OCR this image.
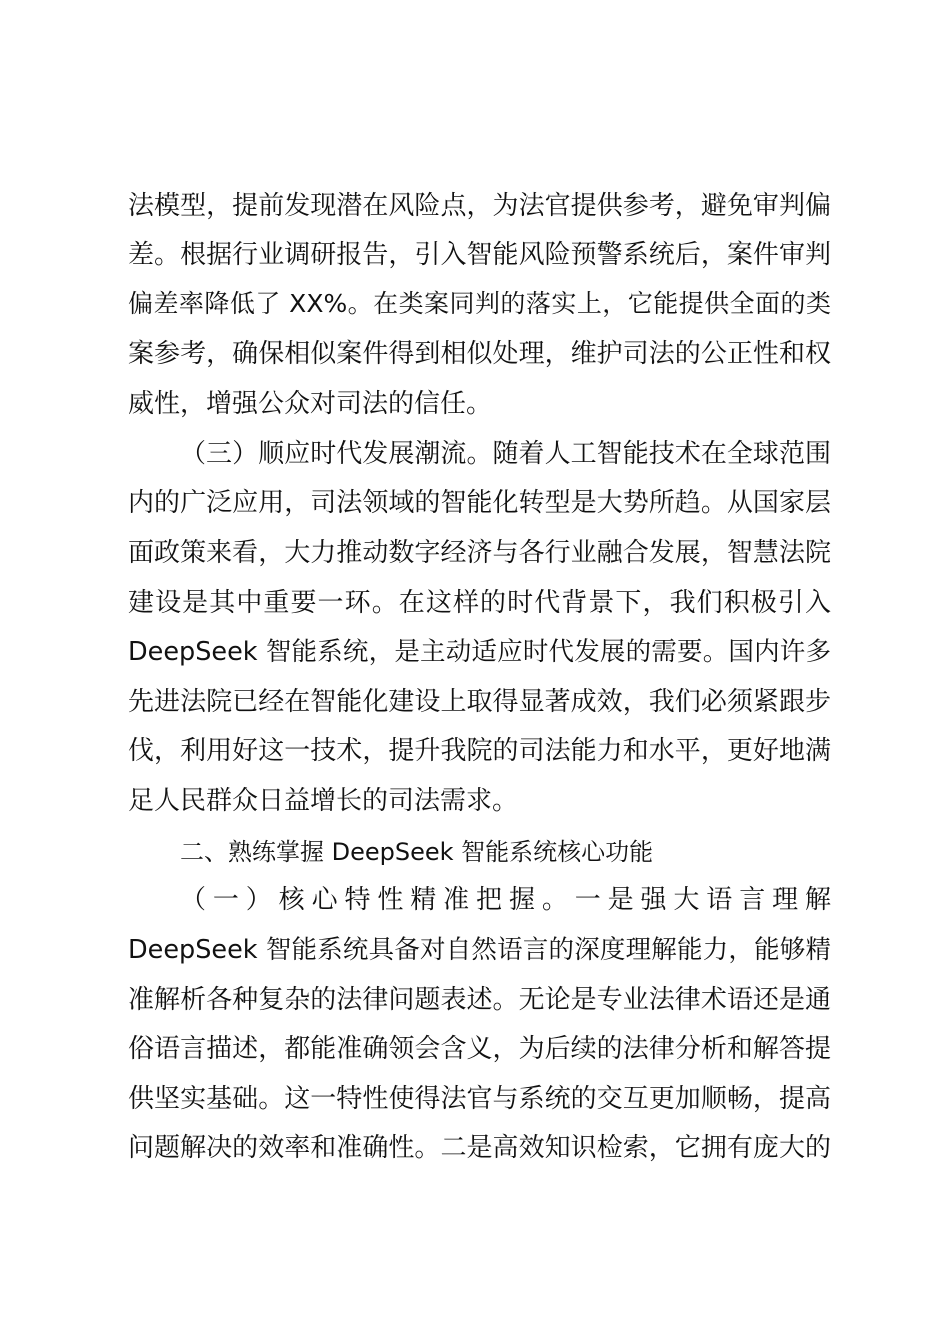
法模型，提前发现潜在风险点，为法官提供参考，避免审判偏
差。根据行业调研报告，引入智能风险预警系统后，案件审判
偏差率降低了 XX%。在类案同判的落实上，它能提供全面的类
案参考，确保相似案件得到相似处理，维护司法的公正性和权
威性，增强公众对司法的信任。
（三）顺应时代发展潮流。随着人工智能技术在全球范围
内的广泛应用，司法领域的智能化转型是大势所趋。从国家层
面政策来看，大力推动数字经济与各行业融合发展，智慧法院
建设是其中重要一环。在这样的时代背景下，我们积极引入
DeepSeek 智能系统，是主动适应时代发展的需要。国内许多
先进法院已经在智能化建设上取得显著成效，我们必须紧跟步
伐，利用好这一技术，提升我院的司法能力和水平，更好地满
足人民群众日益增长的司法需求。
二、熟练掌握 DeepSeek 智能系统核心功能
（一）核心特性精准把握。一是强大语言理解
DeepSeek 智能系统具备对自然语言的深度理解能力，能够精
准解析各种复杂的法律问题表述。无论是专业法律术语还是通
俗语言描述，都能准确领会含义，为后续的法律分析和解答提
供坚实基础。这一特性使得法官与系统的交互更加顺畅，提高
问题解决的效率和准确性。二是高效知识检索，它拥有庞大的
